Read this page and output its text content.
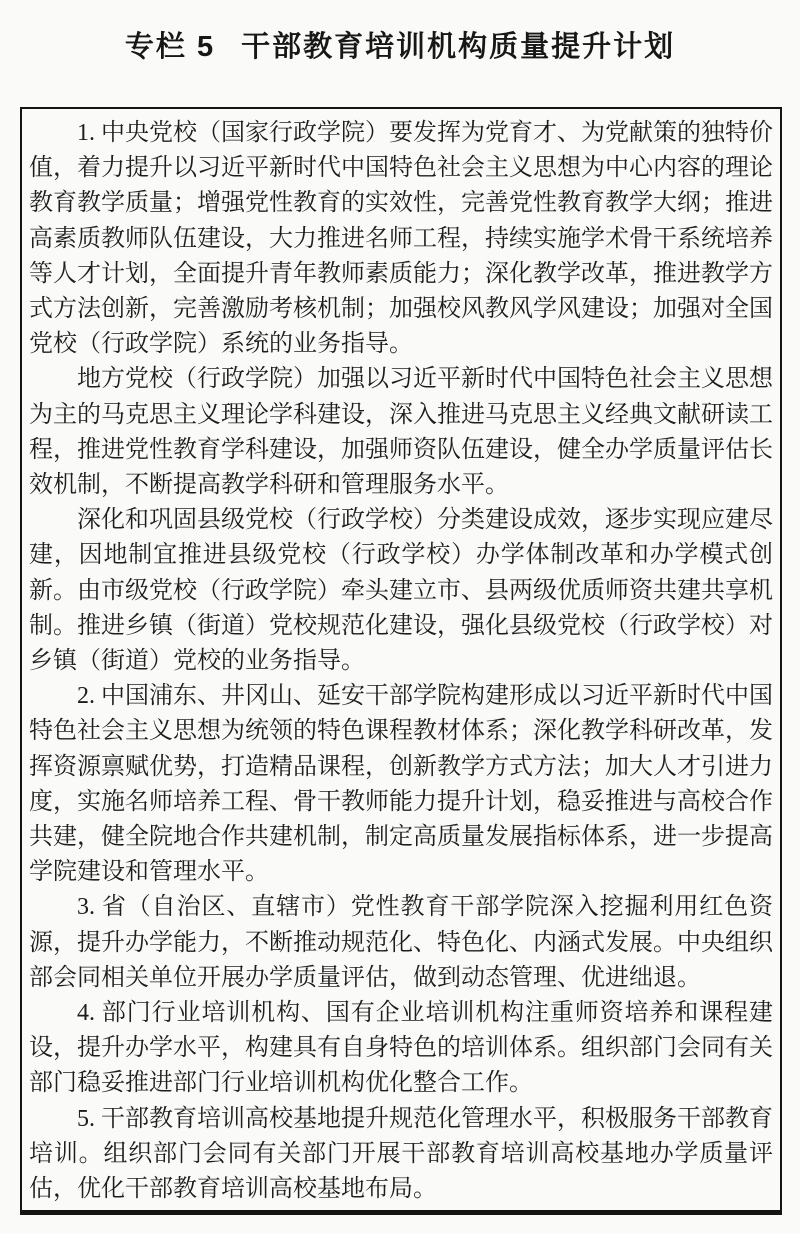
专栏 5 干部教育培训机构质量提升计划

1. 中央党校（国家行政学院）要发挥为党育才、为党献策的独特价值，着力提升以习近平新时代中国特色社会主义思想为中心内容的理论教育教学质量；增强党性教育的实效性，完善党性教育教学大纲；推进高素质教师队伍建设，大力推进名师工程，持续实施学术骨干系统培养等人才计划，全面提升青年教师素质能力；深化教学改革，推进教学方式方法创新，完善激励考核机制；加强校风教风学风建设；加强对全国党校（行政学院）系统的业务指导。

地方党校（行政学院）加强以习近平新时代中国特色社会主义思想为主的马克思主义理论学科建设，深入推进马克思主义经典文献研读工程，推进党性教育学科建设，加强师资队伍建设，健全办学质量评估长效机制，不断提高教学科研和管理服务水平。

深化和巩固县级党校（行政学校）分类建设成效，逐步实现应建尽建，因地制宜推进县级党校（行政学校）办学体制改革和办学模式创新。由市级党校（行政学院）牵头建立市、县两级优质师资共建共享机制。推进乡镇（街道）党校规范化建设，强化县级党校（行政学校）对乡镇（街道）党校的业务指导。

2. 中国浦东、井冈山、延安干部学院构建形成以习近平新时代中国特色社会主义思想为统领的特色课程教材体系；深化教学科研改革，发挥资源禀赋优势，打造精品课程，创新教学方式方法；加大人才引进力度，实施名师培养工程、骨干教师能力提升计划，稳妥推进与高校合作共建，健全院地合作共建机制，制定高质量发展指标体系，进一步提高学院建设和管理水平。

3. 省（自治区、直辖市）党性教育干部学院深入挖掘利用红色资源，提升办学能力，不断推动规范化、特色化、内涵式发展。中央组织部会同相关单位开展办学质量评估，做到动态管理、优进绌退。

4. 部门行业培训机构、国有企业培训机构注重师资培养和课程建设，提升办学水平，构建具有自身特色的培训体系。组织部门会同有关部门稳妥推进部门行业培训机构优化整合工作。

5. 干部教育培训高校基地提升规范化管理水平，积极服务干部教育培训。组织部门会同有关部门开展干部教育培训高校基地办学质量评估，优化干部教育培训高校基地布局。
